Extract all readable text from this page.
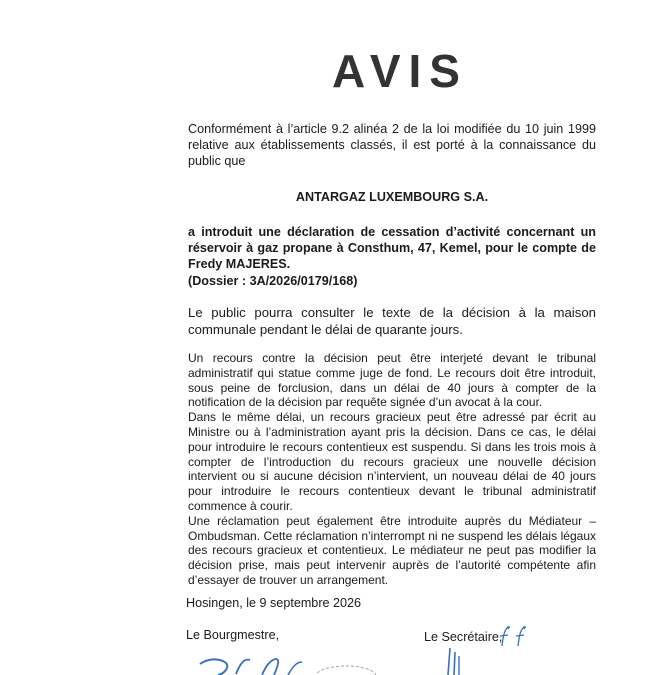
AVIS
Conformément à l’article 9.2 alinéa 2 de la loi modifiée du 10 juin 1999 relative aux établissements classés, il est porté à la connaissance du public que
ANTARGAZ LUXEMBOURG S.A.
a introduit une déclaration de cessation d’activité concernant un réservoir à gaz propane à Consthum, 47, Kemel, pour le compte de Fredy MAJERES.
(Dossier : 3A/2026/0179/168)
Le public pourra consulter le texte de la décision à la maison communale pendant le délai de quarante jours.

Un recours contre la décision peut être interjeté devant le tribunal administratif qui statue comme juge de fond. Le recours doit être introduit, sous peine de forclusion, dans un délai de 40 jours à compter de la notification de la décision par requête signée d’un avocat à la cour.

Dans le même délai, un recours gracieux peut être adressé par écrit au Ministre ou à l’administration ayant pris la décision. Dans ce cas, le délai pour introduire le recours contentieux est suspendu. Si dans les trois mois à compter de l’introduction du recours gracieux une nouvelle décision intervient ou si aucune décision n’intervient, un nouveau délai de 40 jours pour introduire le recours contentieux devant le tribunal administratif commence à courir.

Une réclamation peut également être introduite auprès du Médiateur – Ombudsman. Cette réclamation n’interrompt ni ne suspend les délais légaux des recours gracieux et contentieux. Le médiateur ne peut pas modifier la décision prise, mais peut intervenir auprès de l’autorité compétente afin d’essayer de trouver un arrangement.

Hosingen, le 9 septembre 2026
Le Bourgmestre,	Le Secrétaire,
